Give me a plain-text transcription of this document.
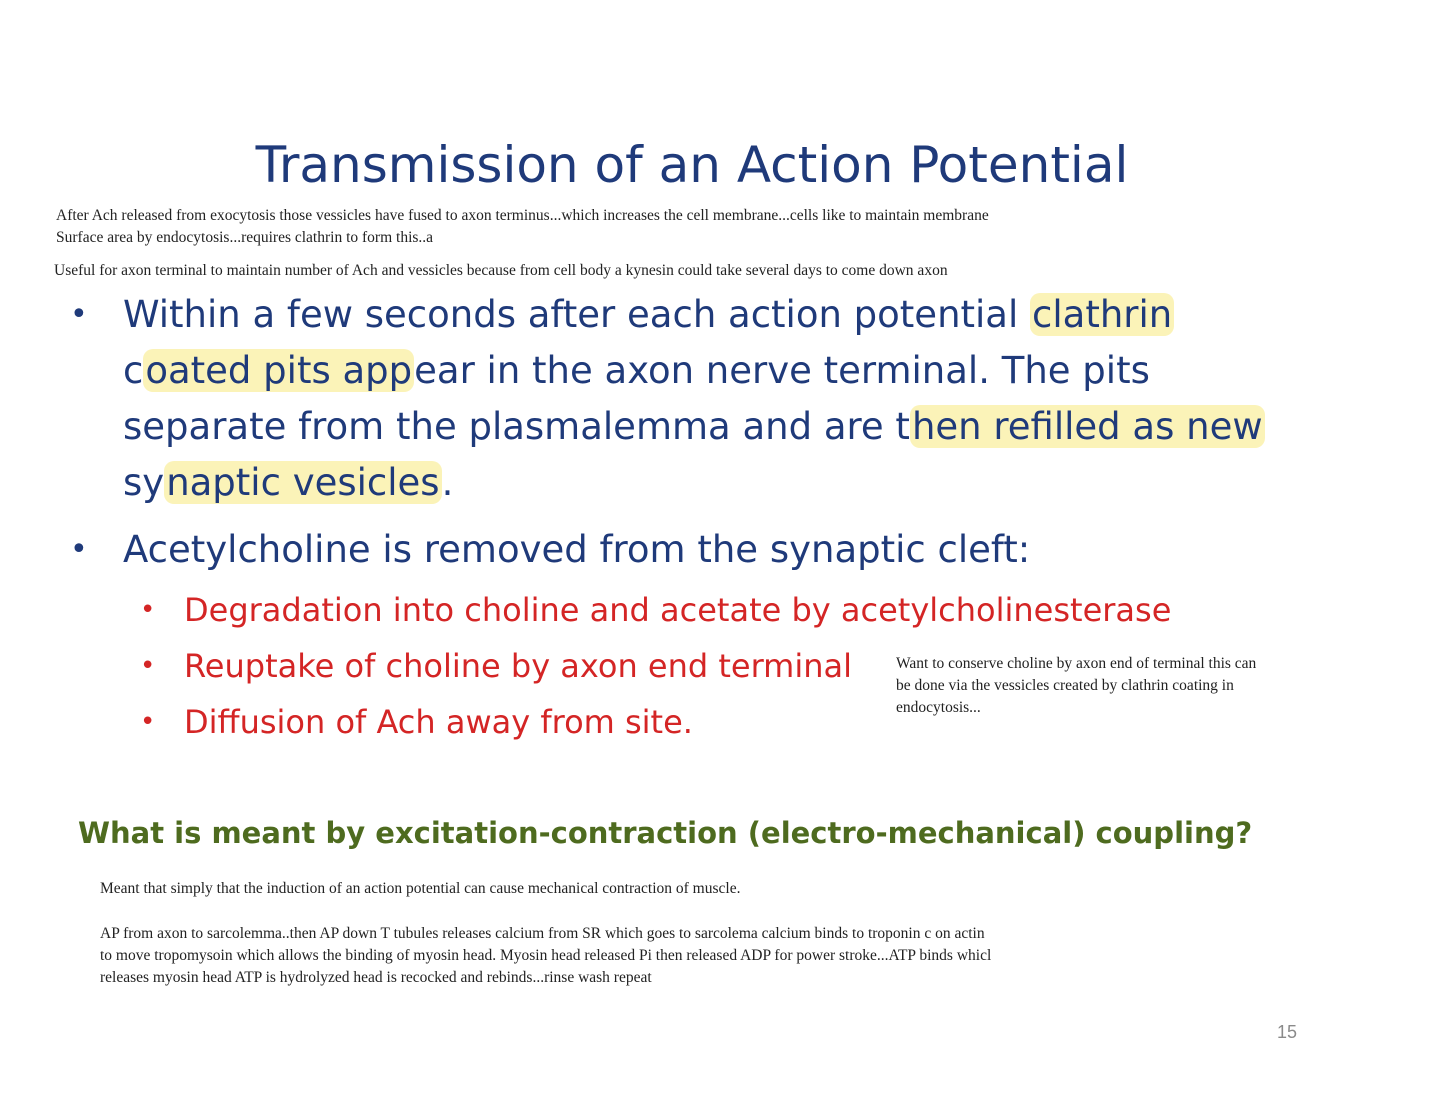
Transmission of an Action Potential

After Ach released from exocytosis those vessicles have fused to axon terminus...which increases the cell membrane...cells like to maintain membrane
Surface area by endocytosis...requires clathrin to form this..a

Useful for axon terminal to maintain number of Ach and vessicles because from cell body a kynesin could take several days to come down axon

• Within a few seconds after each action potential clathrin
coated pits appear in the axon nerve terminal. The pits
separate from the plasmalemma and are then refilled as new
synaptic vesicles.
• Acetylcholine is removed from the synaptic cleft:
• Degradation into choline and acetate by acetylcholinesterase
• Reuptake of choline by axon end terminal
• Diffusion of Ach away from site.

Want to conserve choline by axon end of terminal this can
be done via the vessicles created by clathrin coating in
endocytosis...

What is meant by excitation-contraction (electro-mechanical) coupling?

Meant that simply that the induction of an action potential can cause mechanical contraction of muscle.

AP from axon to sarcolemma..then AP down T tubules releases calcium from SR which goes to sarcolema calcium binds to troponin c on actin
to move tropomysoin which allows the binding of myosin head. Myosin head released Pi then released ADP for power stroke...ATP binds whicl
releases myosin head ATP is hydrolyzed head is recocked and rebinds...rinse wash repeat

15
